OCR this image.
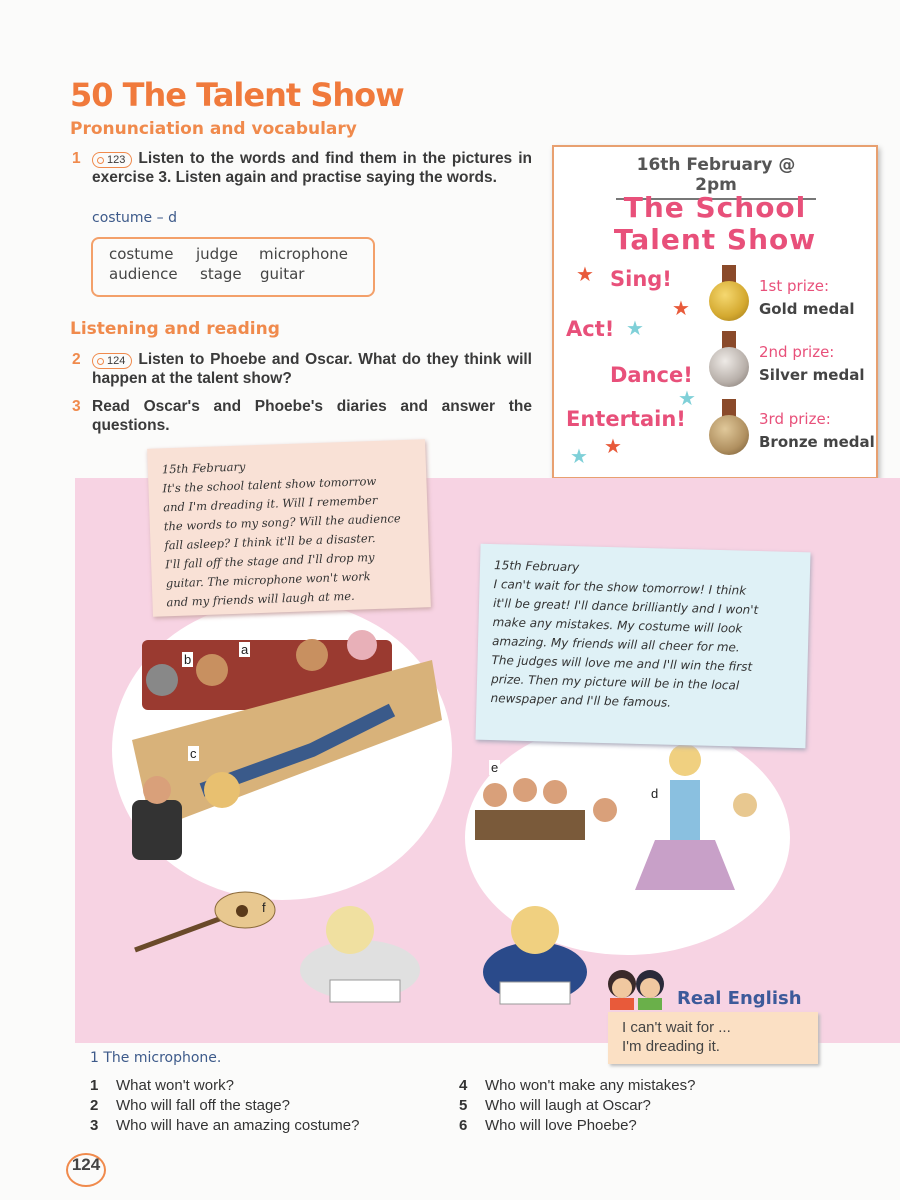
50 The Talent Show
Pronunciation and vocabulary
1 123 Listen to the words and find them in the pictures in exercise 3. Listen again and practise saying the words.
costume – d
costume judge microphone
audience stage guitar
Listening and reading
2 124 Listen to Phoebe and Oscar. What do they think will happen at the talent show?
3 Read Oscar's and Phoebe's diaries and answer the questions.
16th February @ 2pm
The School
Talent Show
Sing!
Act!
Dance!
Entertain!
★
★
★
★
★
★
1st prize:
Gold medal
2nd prize:
Silver medal
3rd prize:
Bronze medal
a
b
c
f
e
d
15th February
It's the school talent show tomorrow
and I'm dreading it. Will I remember
the words to my song? Will the audience
fall asleep? I think it'll be a disaster.
I'll fall off the stage and I'll drop my
guitar. The microphone won't work
and my friends will laugh at me.
15th February
I can't wait for the show tomorrow! I think
it'll be great! I'll dance brilliantly and I won't
make any mistakes. My costume will look
amazing. My friends will all cheer for me.
The judges will love me and I'll win the first
prize. Then my picture will be in the local
newspaper and I'll be famous.
Real English
I can't wait for ...
I'm dreading it.
1 The microphone.
1 What won't work?
2 Who will fall off the stage?
3 Who will have an amazing costume?
4 Who won't make any mistakes?
5 Who will laugh at Oscar?
6 Who will love Phoebe?
124
